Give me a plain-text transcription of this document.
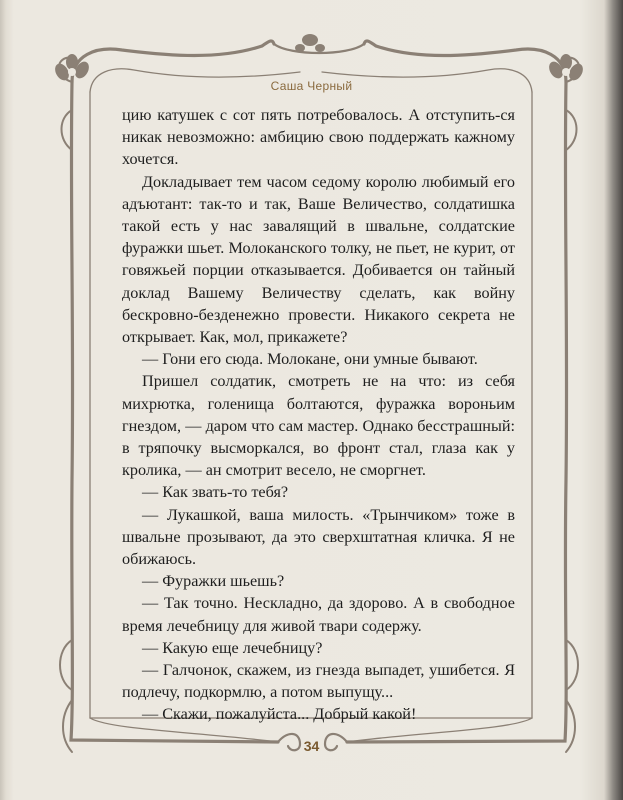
Саша Черный

цию катушек с сот пять потребовалось. А отступить-ся никак невозможно: амбицию свою поддержать кажному хочется.

Докладывает тем часом седому королю любимый его адъютант: так-то и так, Ваше Величество, солдатишка такой есть у нас завалящий в швальне, солдатские фуражки шьет. Молоканского толку, не пьет, не курит, от говяжьей порции отказывается. Добивается он тайный доклад Вашему Величеству сделать, как войну бескровно-безденежно провести. Никакого секрета не открывает. Как, мол, прикажете?

— Гони его сюда. Молокане, они умные бывают.

Пришел солдатик, смотреть не на что: из себя михрютка, голенища болтаются, фуражка вороньим гнездом, — даром что сам мастер. Однако бесстрашный: в тряпочку высморкался, во фронт стал, глаза как у кролика, — ан смотрит весело, не сморгнет.

— Как звать-то тебя?

— Лукашкой, ваша милость. «Трынчиком» тоже в швальне прозывают, да это сверхштатная кличка. Я не обижаюсь.

— Фуражки шьешь?

— Так точно. Нескладно, да здорово. А в свободное время лечебницу для живой твари содержу.

— Какую еще лечебницу?

— Галчонок, скажем, из гнезда выпадет, ушибется. Я подлечу, подкормлю, а потом выпущу...

— Скажи, пожалуйста... Добрый какой!

34
